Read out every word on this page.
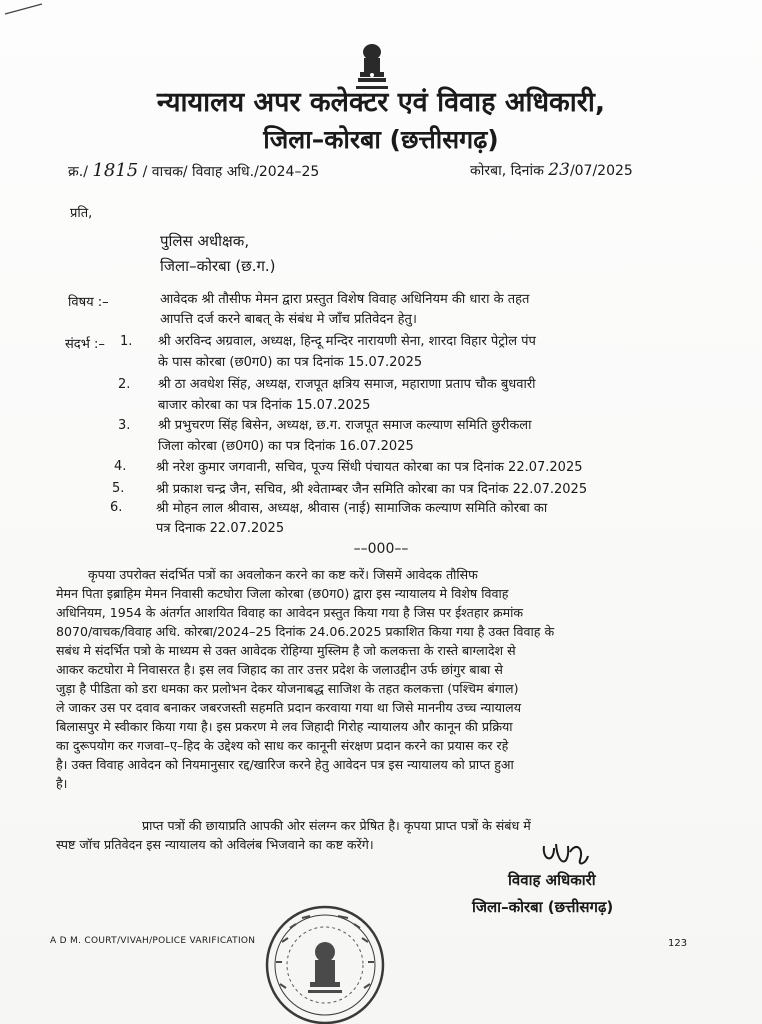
न्यायालय अपर कलेक्टर एवं विवाह अधिकारी,
जिला–कोरबा (छत्तीसगढ़)
क्र./ 1815 / वाचक/ विवाह अधि./2024–25	कोरबा, दिनांक 23/07/2025
प्रति,
पुलिस अधीक्षक,
जिला–कोरबा (छ.ग.)
विषय :–	आवेदक श्री तौसीफ मेमन द्वारा प्रस्तुत विशेष विवाह अधिनियम की धारा के तहत
आपत्ति दर्ज करने बाबत् के संबंध मे जाँच प्रतिवेदन हेतु।
संदर्भ :– 1. श्री अरविन्द अग्रवाल, अध्यक्ष, हिन्दू मन्दिर नारायणी सेना, शारदा विहार पेट्रोल पंप
के पास कोरबा (छ0ग0) का पत्र दिनांक 15.07.2025
2. श्री ठा अवधेश सिंह, अध्यक्ष, राजपूत क्षत्रिय समाज, महाराणा प्रताप चौक बुधवारी
बाजार कोरबा का पत्र दिनांक 15.07.2025
3. श्री प्रभुचरण सिंह बिसेन, अध्यक्ष, छ.ग. राजपूत समाज कल्याण समिति छुरीकला
जिला कोरबा (छ0ग0) का पत्र दिनांक 16.07.2025
4. श्री नरेश कुमार जगवानी, सचिव, पूज्य सिंधी पंचायत कोरबा का पत्र दिनांक 22.07.2025
5. श्री प्रकाश चन्द्र जैन, सचिव, श्री श्वेताम्बर जैन समिति कोरबा का पत्र दिनांक 22.07.2025
6.	श्री मोहन लाल श्रीवास, अध्यक्ष, श्रीवास (नाई) सामाजिक कल्याण समिति कोरबा का
पत्र दिनाक 22.07.2025
––000––
कृपया उपरोक्त संदर्भित पत्रों का अवलोकन करने का कष्ट करें। जिसमें आवेदक तौसिफ
मेमन पिता इब्राहिम मेमन निवासी कटघोरा जिला कोरबा (छ0ग0) द्वारा इस न्यायालय मे विशेष विवाह
अधिनियम, 1954 के अंतर्गत आशयित विवाह का आवेदन प्रस्तुत किया गया है जिस पर ईश्तहार क्रमांक
8070/वाचक/विवाह अधि. कोरबा/2024–25 दिनांक 24.06.2025 प्रकाशित किया गया है उक्त विवाह के
सबंध मे संदर्भित पत्रो के माध्यम से उक्त आवेदक रोहिग्या मुस्लिम है जो कलकत्ता के रास्ते बाग्लादेश से
आकर कटघोरा मे निवासरत है। इस लव जिहाद का तार उत्तर प्रदेश के जलाउद्दीन उर्फ छांगुर बाबा से
जुड़ा है पीडिता को डरा धमका कर प्रलोभन देकर योजनाबद्ध साजिश के तहत कलकत्ता (पश्चिम बंगाल)
ले जाकर उस पर दवाव बनाकर जबरजस्ती सहमति प्रदान करवाया गया था जिसे माननीय उच्च न्यायालय
बिलासपुर मे स्वीकार किया गया है। इस प्रकरण मे लव जिहादी गिरोह न्यायालय और कानून की प्रक्रिया
का दुरूपयोग कर गजवा–ए–हिद के उद्देश्य को साध कर कानूनी संरक्षण प्रदान करने का प्रयास कर रहे
है। उक्त विवाह आवेदन को नियमानुसार रद्द/खारिज करने हेतु आवेदन पत्र इस न्यायालय को प्राप्त हुआ
है।
प्राप्त पत्रों की छायाप्रति आपकी ओर संलग्न कर प्रेषित है। कृपया प्राप्त पत्रों के संबंध में
स्पष्ट जॉच प्रतिवेदन इस न्यायालय को अविलंब भिजवाने का कष्ट करेंगे।
विवाह अधिकारी
जिला–कोरबा (छत्तीसगढ़)
A D M. COURT/VIVAH/POLICE VARIFICATION	123
